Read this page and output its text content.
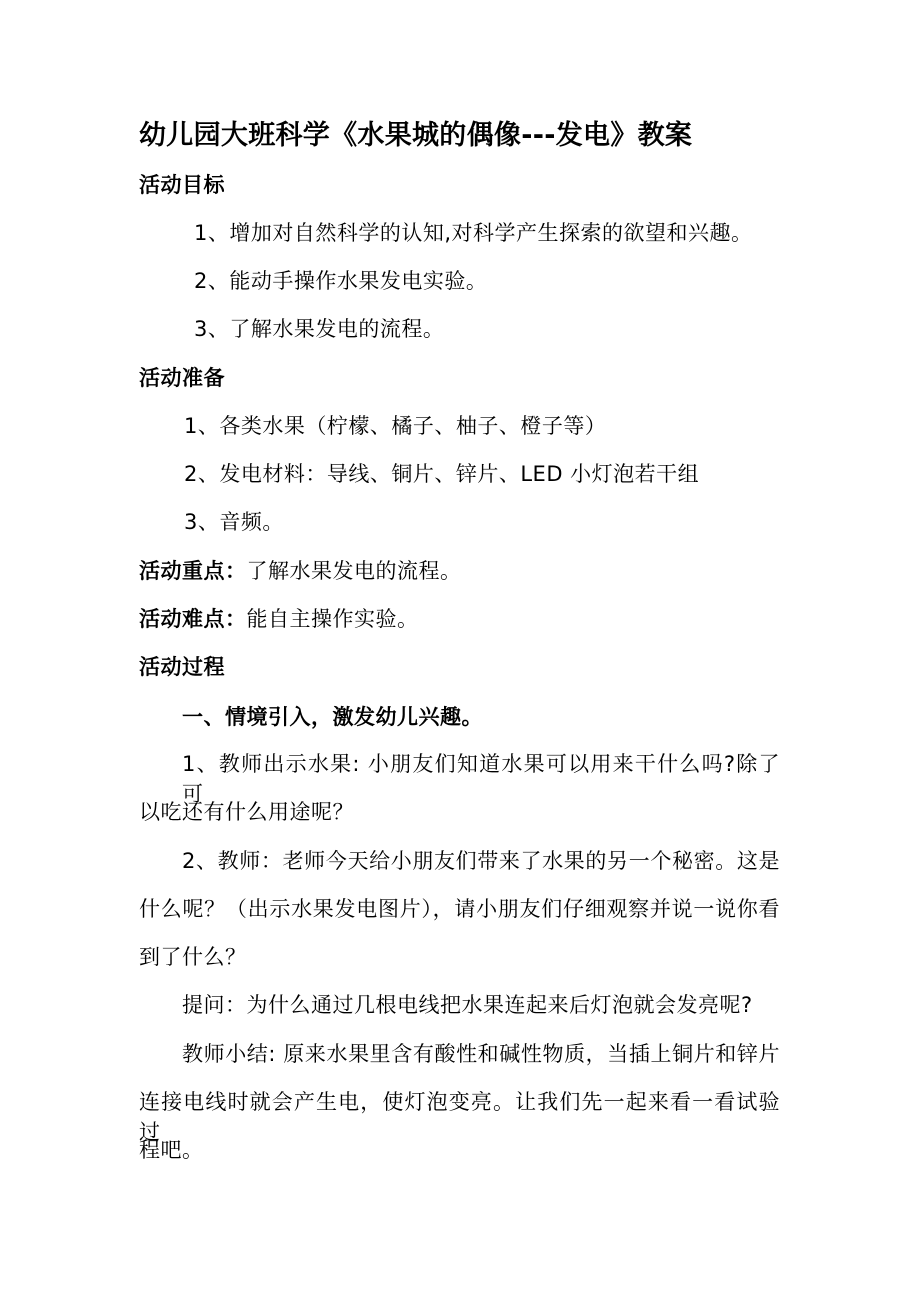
幼儿园大班科学《水果城的偶像---发电》教案
活动目标
1、增加对自然科学的认知,对科学产生探索的欲望和兴趣。
2、能动手操作水果发电实验。
3、了解水果发电的流程。
活动准备
1、各类水果（柠檬、橘子、柚子、橙子等）
2、发电材料：导线、铜片、锌片、LED 小灯泡若干组
3、音频。
活动重点：了解水果发电的流程。
活动难点：能自主操作实验。
活动过程
一、情境引入，激发幼儿兴趣。
1、教师出示水果: 小朋友们知道水果可以用来干什么吗?除了可
以吃还有什么用途呢？
2、教师：老师今天给小朋友们带来了水果的另一个秘密。这是
什么呢？（出示水果发电图片），请小朋友们仔细观察并说一说你看
到了什么？
提问：为什么通过几根电线把水果连起来后灯泡就会发亮呢?
教师小结: 原来水果里含有酸性和碱性物质，当插上铜片和锌片
连接电线时就会产生电，使灯泡变亮。让我们先一起来看一看试验过
程吧。
